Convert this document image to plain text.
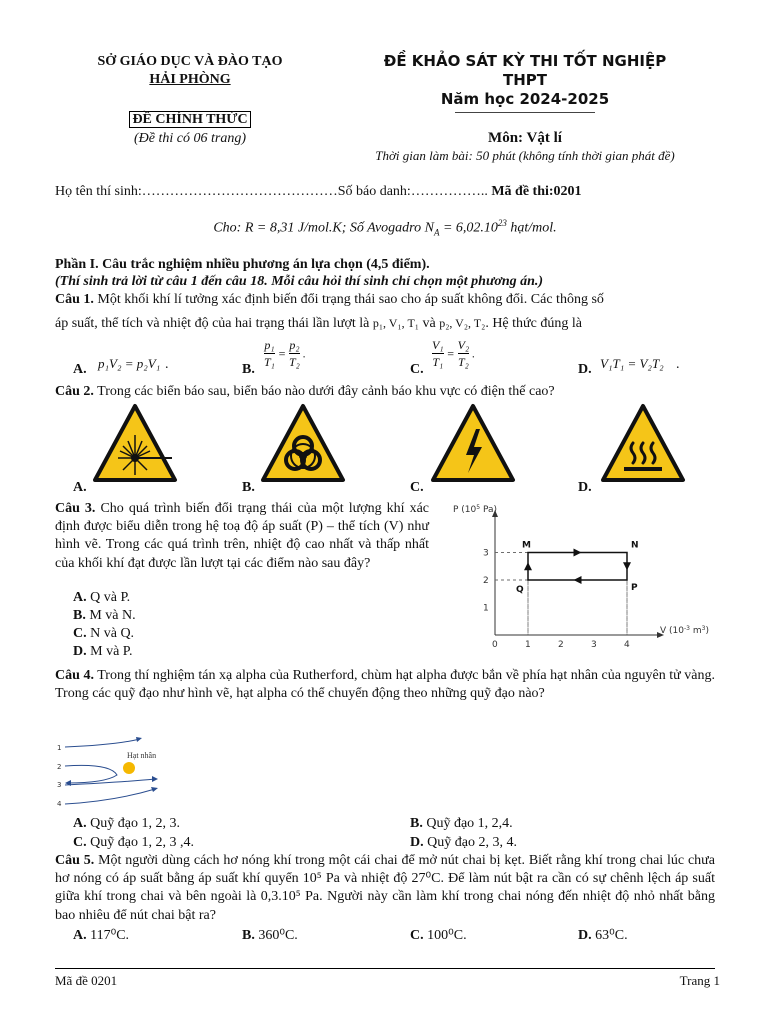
SỞ GIÁO DỤC VÀ ĐÀO TẠO
HẢI PHÒNG
ĐỀ CHÍNH THỨC
(Đề thi có 06 trang)
ĐỀ KHẢO SÁT KỲ THI TỐT NGHIỆP
THPT
Năm học 2024-2025
Môn: Vật lí
Thời gian làm bài: 50 phút (không tính thời gian phát đề)
Họ tên thí sinh:……………………………………Số báo danh:…………….. Mã đề thi:0201
Cho: R = 8,31 J/mol.K; Số Avogadro $N_A = 6,02.10^{23}$ hạt/mol.
Phần I. Câu trắc nghiệm nhiều phương án lựa chọn (4,5 điểm).
(Thí sinh trả lời từ câu 1 đến câu 18. Mỗi câu hỏi thí sinh chỉ chọn một phương án.)
Câu 1. Một khối khí lí tưởng xác định biến đổi trạng thái sao cho áp suất không đổi. Các thông số
áp suất, thể tích và nhiệt độ của hai trạng thái lần lượt là p₁, V₁, T₁ và p₂, V₂, T₂. Hệ thức đúng là
A. p₁V₂ = p₂V₁ .	B.
$\frac{\text{p₁}}{\text{T₁}} = \frac{\text{p₂}}{\text{T₂}}$ .
C.
$\frac{\text{V₁}}{\text{T₁}} = \frac{\text{V₂}}{\text{T₂}}$ .
D. V₁T₁ = V₂T₂ .
Câu 2. Trong các biển báo sau, biển báo nào dưới đây cảnh báo khu vực có điện thế cao?
A.	B.	C.	D.
Câu 3. Cho quá trình biến đổi trạng thái của một lượng khí xác định được biểu diễn trong hệ toạ độ áp suất (P) – thể tích (V) như hình vẽ. Trong các quá trình trên, nhiệt độ cao nhất và thấp nhất của khối khí đạt được lần lượt tại các điểm nào sau đây?
A. Q và P.
B. M và N.
C. N và Q.
D. M và P.
1
2
3
1	2	3	4
0
M	N
P
Q
P ($10^5$ Pa)
V ($10^{-3}$ $m^3$)
Câu 4. Trong thí nghiệm tán xạ alpha của Rutherford, chùm hạt alpha được bắn về phía hạt nhân của nguyên tử vàng. Trong các quỹ đạo như hình vẽ, hạt alpha có thể chuyển động theo những quỹ đạo nào?
1
2
3
4
Hạt nhân
A. Quỹ đạo 1, 2, 3.	B. Quỹ đạo 1, 2,4.
C. Quỹ đạo 1, 2, 3 ,4.	D. Quỹ đạo 2, 3, 4.
Câu 5. Một người dùng cách hơ nóng khí trong một cái chai để mở nút chai bị kẹt. Biết rằng khí trong chai lúc chưa hơ nóng có áp suất bằng áp suất khí quyển 10⁵ Pa và nhiệt độ 27⁰C. Để làm nút bật ra cần có sự chênh lệch áp suất giữa khí trong chai và bên ngoài là 0,3.10⁵ Pa. Người này cần làm khí trong chai nóng đến nhiệt độ nhỏ nhất bằng bao nhiêu để nút chai bật ra?
A. 117⁰C.	B. 360⁰C.	C. 100⁰C.	D. 63⁰C.
Mã đề 0201	Trang 1
